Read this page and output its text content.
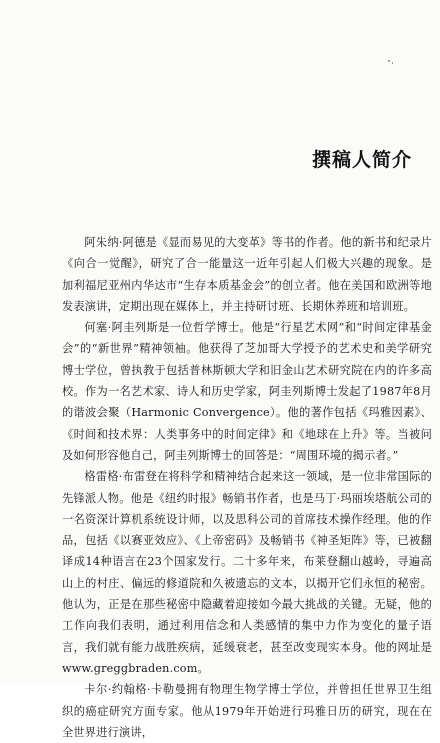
撰稿人简介

阿朱纳·阿德是《显而易见的大变革》等书的作者。他的新书和纪录片《向合一觉醒》，研究了合一能量这一近年引起人们极大兴趣的现象。是加利福尼亚州内华达市“生存本质基金会”的创立者。他在美国和欧洲等地发表演讲，定期出现在媒体上，并主持研讨班、长期休养班和培训班。

何塞·阿圭列斯是一位哲学博士。他是“行星艺术网”和“时间定律基金会”的“新世界”精神领袖。他获得了芝加哥大学授予的艺术史和美学研究博士学位，曾执教于包括普林斯顿大学和旧金山艺术研究院在内的许多高校。作为一名艺术家、诗人和历史学家，阿圭列斯博士发起了1987年8月的谐波会聚（Harmonic Convergence）。他的著作包括《玛雅因素》、《时间和技术界：人类事务中的时间定律》和《地球在上升》等。当被问及如何形容他自己，阿圭列斯博士的回答是：“周围环境的揭示者。”

格雷格·布雷登在将科学和精神结合起来这一领域，是一位非常国际的先锋派人物。他是《纽约时报》畅销书作者，也是马丁·玛丽埃塔航公司的一名资深计算机系统设计师，以及思科公司的首席技术操作经理。他的作品，包括《以赛亚效应》、《上帝密码》及畅销书《神圣矩阵》等，已被翻译成14种语言在23个国家发行。二十多年来，布莱登翻山越岭，寻遍高山上的村庄、偏远的修道院和久被遗忘的文本，以揭开它们永恒的秘密。他认为，正是在那些秘密中隐藏着迎接如今最大挑战的关键。无疑，他的工作向我们表明，通过利用信念和人类感情的集中力作为变化的量子语言，我们就有能力战胜疾病，延缓衰老，甚至改变现实本身。他的网址是www.greggbraden.com。

卡尔·约翰格·卡勒曼拥有物理生物学博士学位，并曾担任世界卫生组织的癌症研究方面专家。他从1979年开始进行玛雅日历的研究，现在在全世界进行演讲，
